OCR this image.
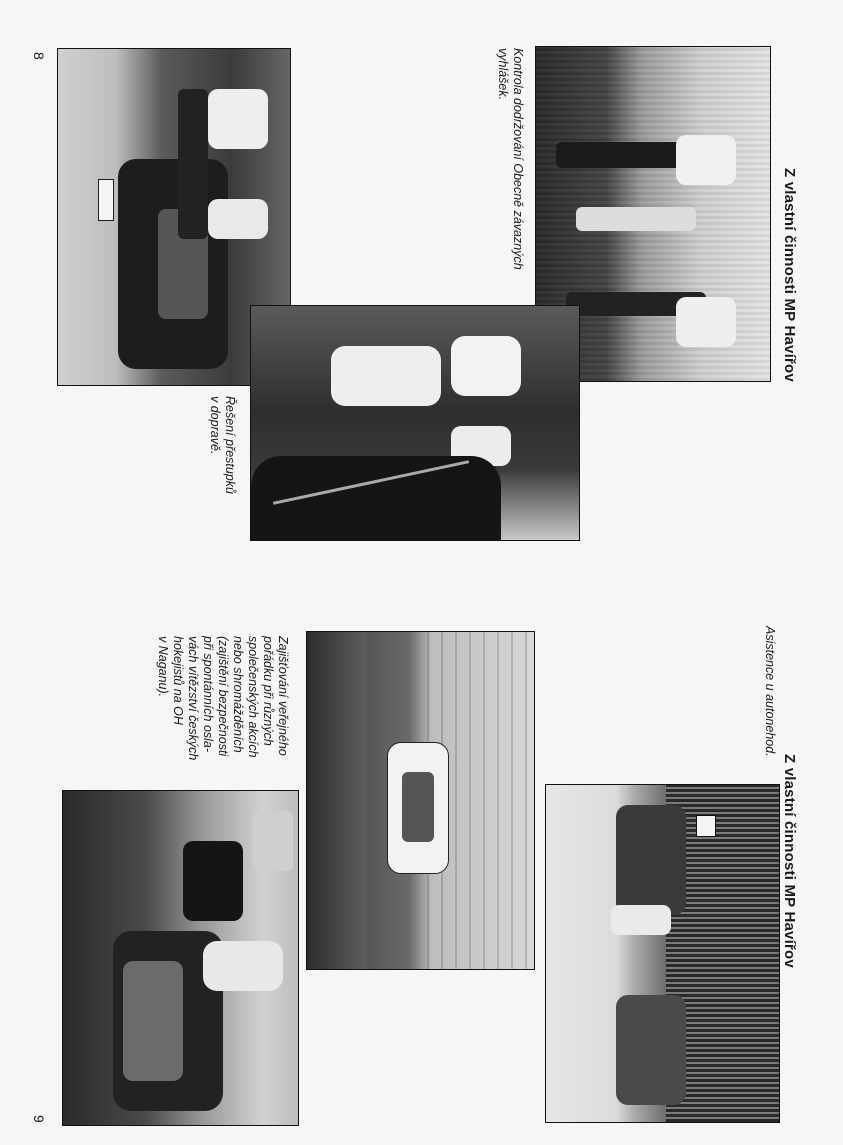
8
Z vlastní činnosti MP Havířov
Kontrola dodržování Obecně závazných
vyhlášek.
Řešení přestupků
v dopravě.
9
Z vlastní činnosti MP Havířov
Asistence u autonehod.
Zajišťování veřejného
pořádku při různých
společenských akcích
nebo shromážděních
(zajištění bezpečnosti
při spontánních osla-
vách vítězství českých
hokejistů na OH
v Naganu).
